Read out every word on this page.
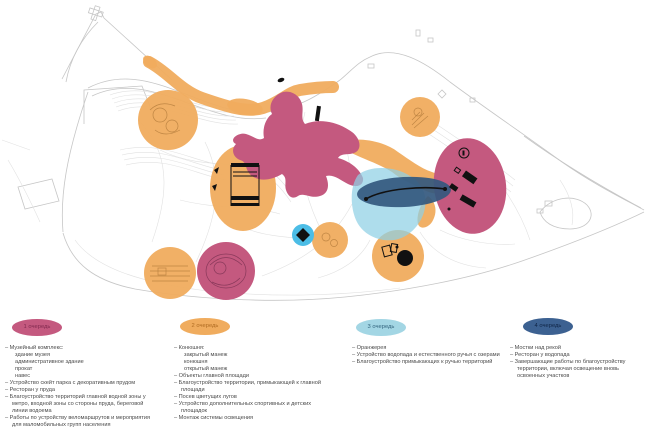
1 очередь	2 очередь	3 очередь	4 очередь
– Музейный комплекс:
здание музея
административное здание
прокат
навес
– Устройство скейт парка с декоративным прудом
– Ресторан у пруда
– Благоустройство территорий главной водной зоны у метро, входной зоны со стороны пруда, береговой линии водоема
– Работы по устройству веломаршрутов и мероприятия для маломобильных групп населения
– Конюшня:
закрытый манеж
конюшня
открытый манеж
– Объекты главной площади
– Благоустройство территории, примыкающей к главной площади
– Посев цветущих лугов
– Устройство дополнительных спортивных и детских площадок
– Монтаж системы освещения
– Оранжерея
– Устройство водопада и естественного ручья с озерами
– Благоустройство примыкающих к ручью территорий
– Мостки над рекой
– Ресторан у водопада
– Завершающие работы по благоустройству территории, включая освещение вновь освоенных участков
